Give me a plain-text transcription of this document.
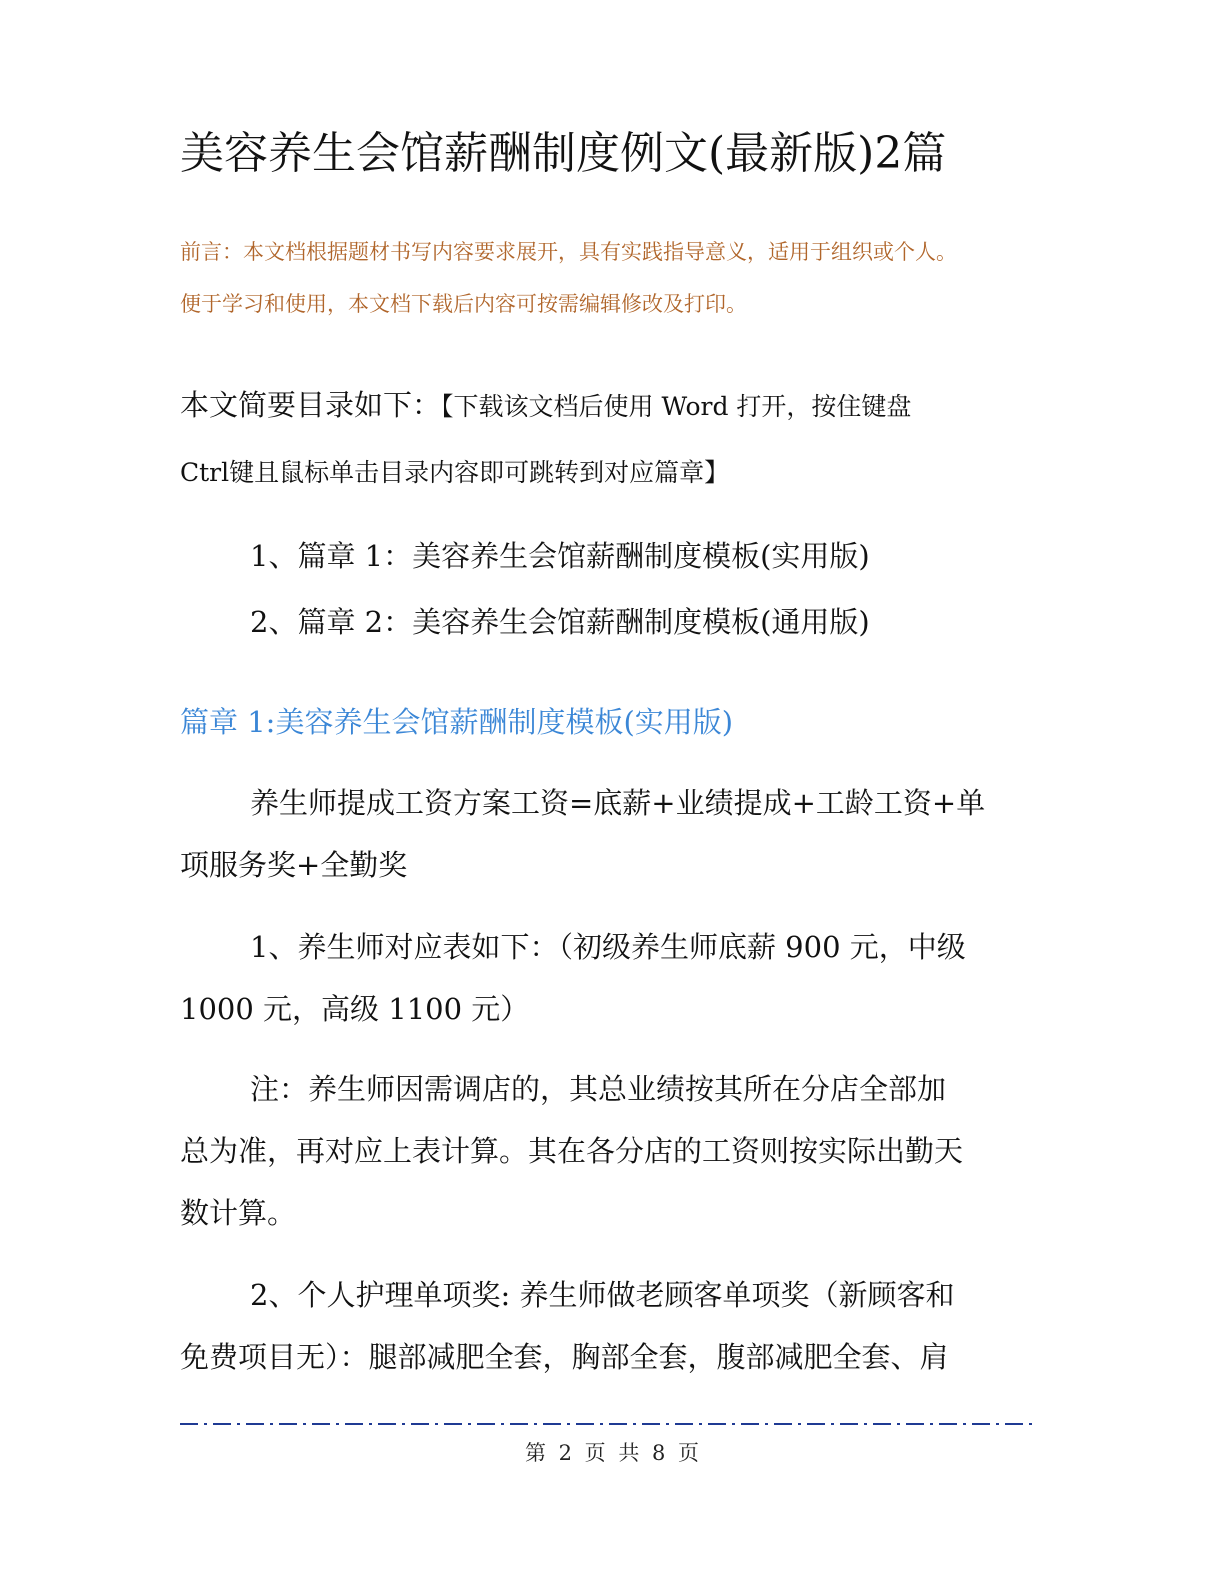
美容养生会馆薪酬制度例文(最新版)2篇
前言：本文档根据题材书写内容要求展开，具有实践指导意义，适用于组织或个人。
便于学习和使用，本文档下载后内容可按需编辑修改及打印。
本文简要目录如下：【下载该文档后使用 Word 打开，按住键盘
Ctrl键且鼠标单击目录内容即可跳转到对应篇章】
1、篇章 1：美容养生会馆薪酬制度模板(实用版)
2、篇章 2：美容养生会馆薪酬制度模板(通用版)
篇章 1:美容养生会馆薪酬制度模板(实用版)
养生师提成工资方案工资=底薪+业绩提成+工龄工资+单
项服务奖+全勤奖
1、养生师对应表如下：（初级养生师底薪 900 元，中级
1000 元，高级 1100 元）
注：养生师因需调店的，其总业绩按其所在分店全部加
总为准，再对应上表计算。其在各分店的工资则按实际出勤天
数计算。
2、个人护理单项奖: 养生师做老顾客单项奖（新顾客和
免费项目无）：腿部减肥全套，胸部全套，腹部减肥全套、肩
第 2 页 共 8 页
